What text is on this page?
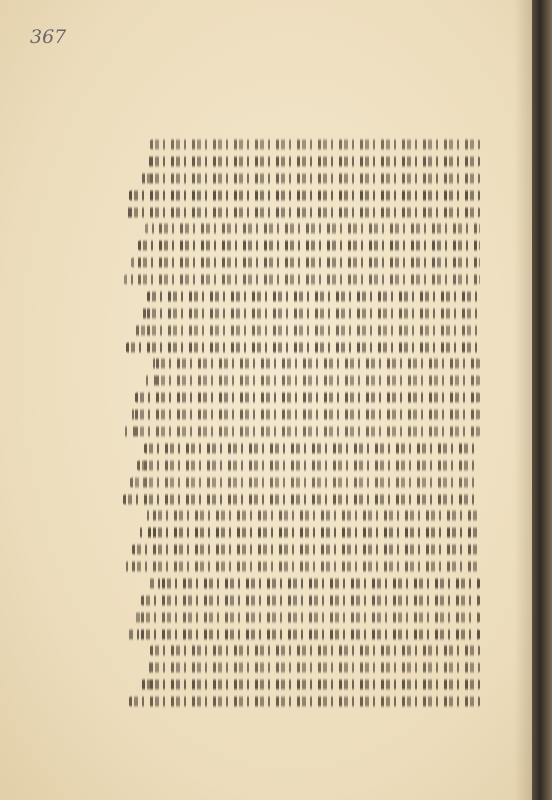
367
